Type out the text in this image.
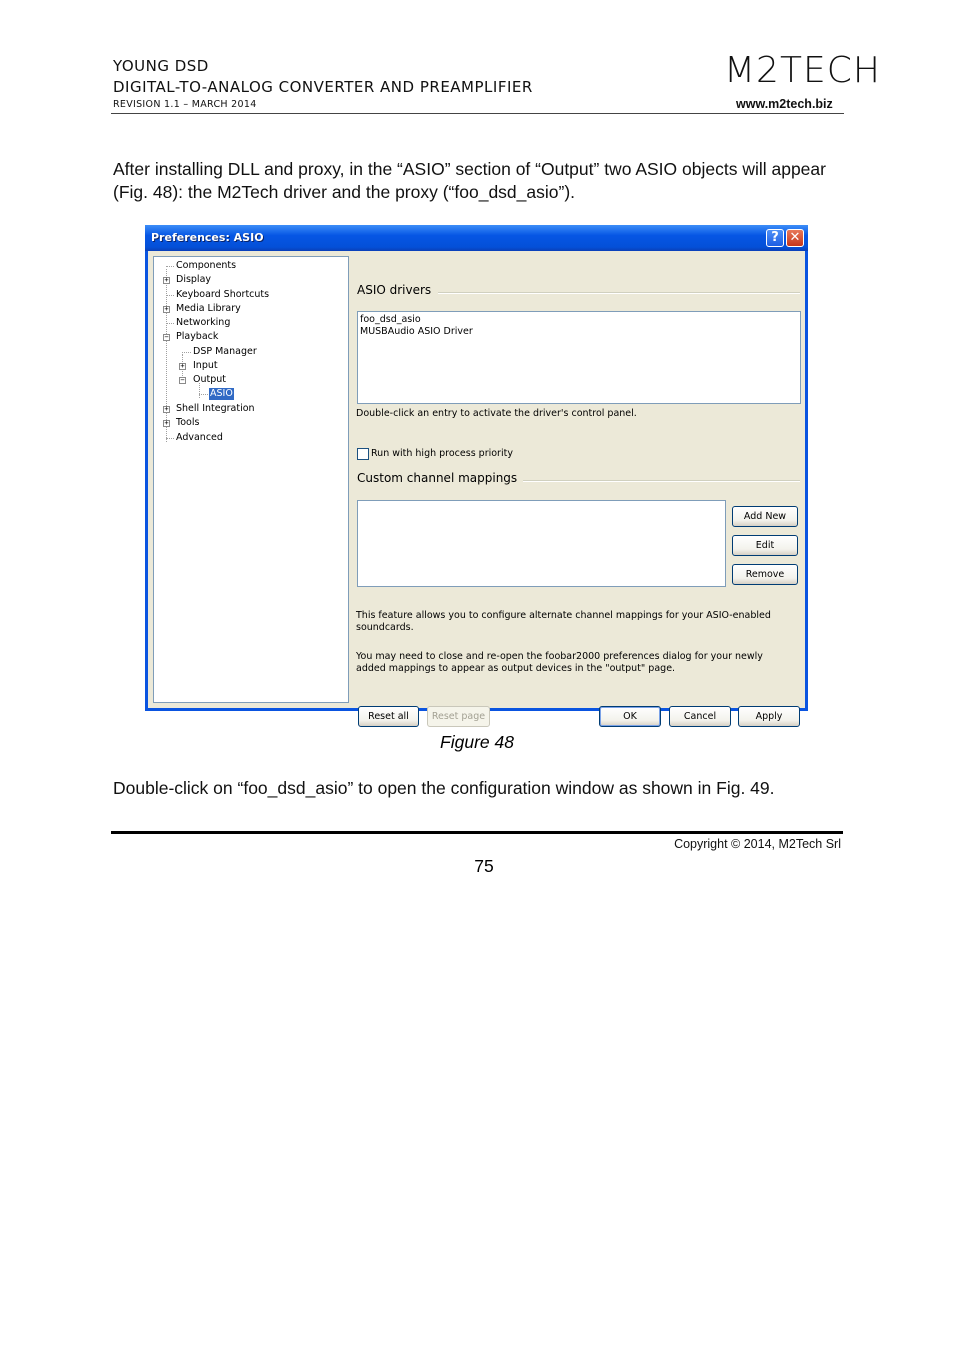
YOUNG DSD
DIGITAL-TO-ANALOG CONVERTER AND PREAMPLIFIER
REVISION 1.1 – MARCH 2014
M2TECH
www.m2tech.biz
After installing DLL and proxy, in the “ASIO” section of “Output” two ASIO objects will appear (Fig. 48): the M2Tech driver and the proxy (“foo_dsd_asio”).
Preferences: ASIO	? ✕
Components
+ Display
Keyboard Shortcuts
+ Media Library
Networking
− Playback
DSP Manager
+ Input
− Output
ASIO
+ Shell Integration
+ Tools
Advanced
ASIO drivers
foo_dsd_asio
MUSBAudio ASIO Driver
Double-click an entry to activate the driver's control panel.
Run with high process priority
Custom channel mappings
Add New
Edit
Remove
This feature allows you to configure alternate channel mappings for your ASIO-enabled
soundcards.
You may need to close and re-open the foobar2000 preferences dialog for your newly
added mappings to appear as output devices in the "output" page.
Reset all	Reset page	OK	Cancel	Apply
Figure 48
Double-click on “foo_dsd_asio” to open the configuration window as shown in Fig. 49.
Copyright © 2014, M2Tech Srl
75
